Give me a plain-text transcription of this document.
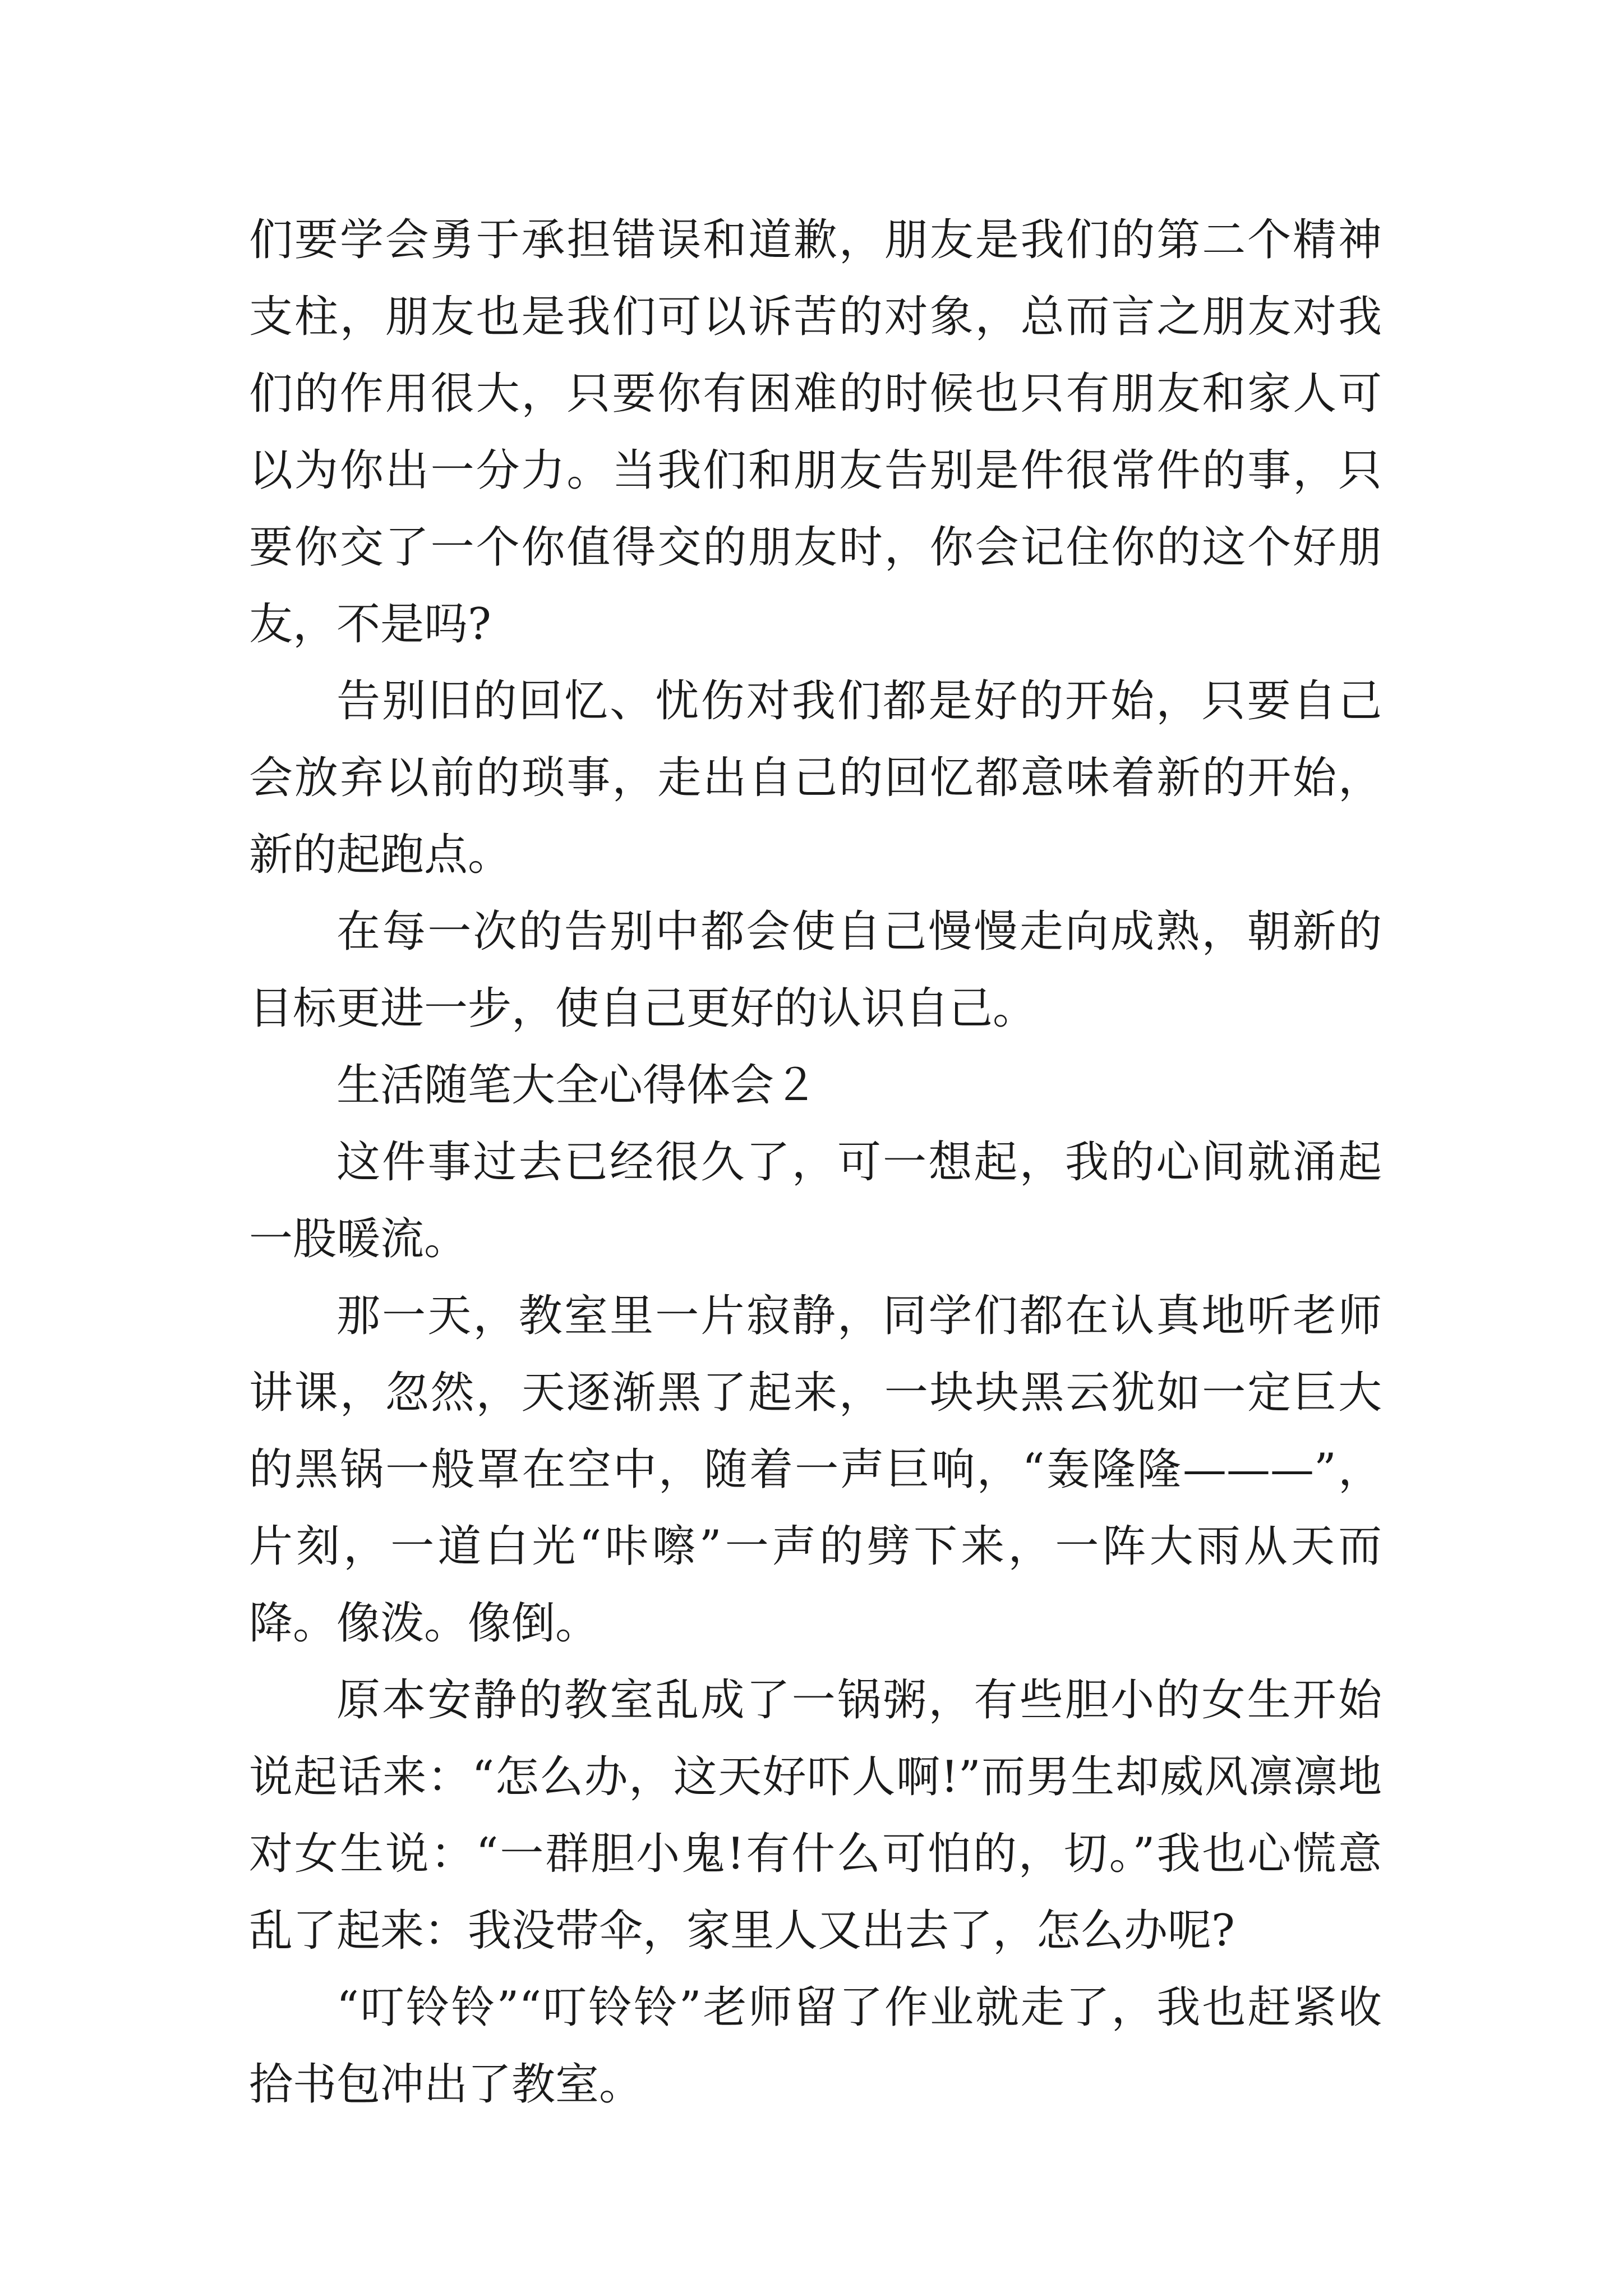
们要学会勇于承担错误和道歉，朋友是我们的第二个精神支柱，朋友也是我们可以诉苦的对象，总而言之朋友对我们的作用很大，只要你有困难的时候也只有朋友和家人可以为你出一分力。当我们和朋友告别是件很常件的事，只要你交了一个你值得交的朋友时，你会记住你的这个好朋友，不是吗?

告别旧的回忆、忧伤对我们都是好的开始，只要自己会放弃以前的琐事，走出自己的回忆都意味着新的开始，新的起跑点。

在每一次的告别中都会使自己慢慢走向成熟，朝新的目标更进一步，使自己更好的认识自己。

生活随笔大全心得体会２

这件事过去已经很久了，可一想起，我的心间就涌起一股暖流。

那一天，教室里一片寂静，同学们都在认真地听老师讲课，忽然，天逐渐黑了起来，一块块黑云犹如一定巨大的黑锅一般罩在空中，随着一声巨响，“轰隆隆———”，片刻，一道白光“咔嚓”一声的劈下来，一阵大雨从天而降。像泼。像倒。

原本安静的教室乱成了一锅粥，有些胆小的女生开始说起话来：“怎么办，这天好吓人啊!”而男生却威风凛凛地对女生说：“一群胆小鬼!有什么可怕的，切。”我也心慌意乱了起来：我没带伞，家里人又出去了，怎么办呢?

“叮铃铃”“叮铃铃”老师留了作业就走了，我也赶紧收拾书包冲出了教室。
